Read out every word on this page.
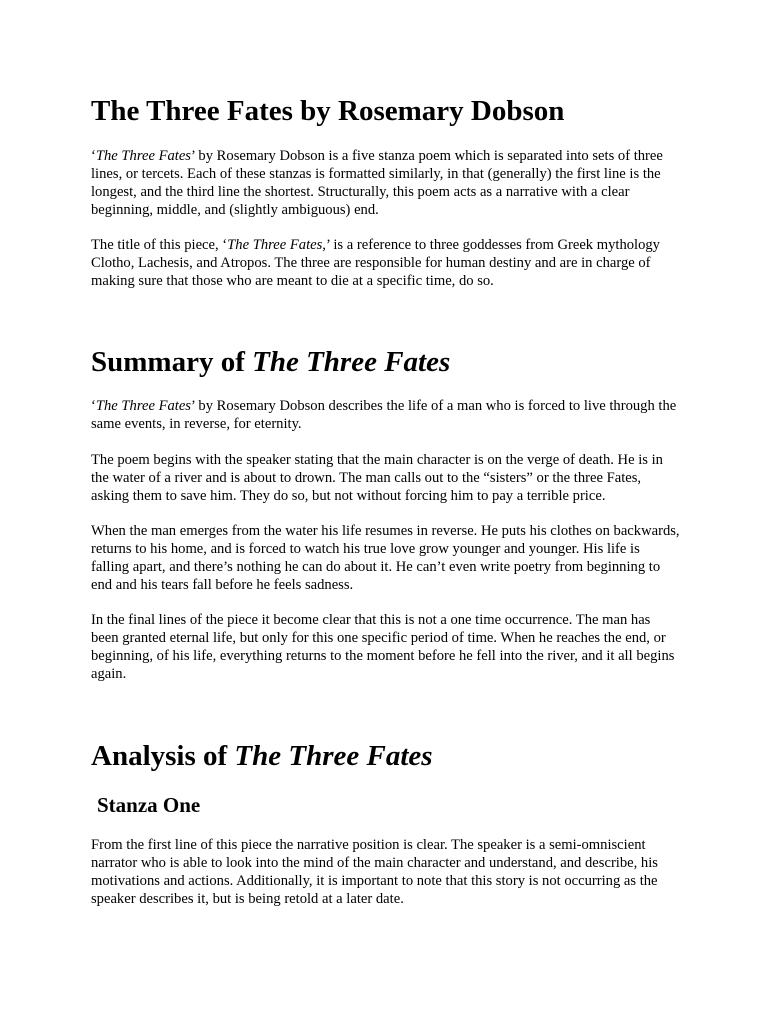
The Three Fates by Rosemary Dobson

‘The Three Fates’ by Rosemary Dobson is a five stanza poem which is separated into sets of three lines, or tercets. Each of these stanzas is formatted similarly, in that (generally) the first line is the longest, and the third line the shortest. Structurally, this poem acts as a narrative with a clear beginning, middle, and (slightly ambiguous) end.

The title of this piece, ‘The Three Fates,’ is a reference to three goddesses from Greek mythology Clotho, Lachesis, and Atropos. The three are responsible for human destiny and are in charge of making sure that those who are meant to die at a specific time, do so.

Summary of The Three Fates

‘The Three Fates’ by Rosemary Dobson describes the life of a man who is forced to live through the same events, in reverse, for eternity.

The poem begins with the speaker stating that the main character is on the verge of death. He is in the water of a river and is about to drown. The man calls out to the “sisters” or the three Fates, asking them to save him. They do so, but not without forcing him to pay a terrible price.

When the man emerges from the water his life resumes in reverse. He puts his clothes on backwards, returns to his home, and is forced to watch his true love grow younger and younger. His life is falling apart, and there’s nothing he can do about it. He can’t even write poetry from beginning to end and his tears fall before he feels sadness.

In the final lines of the piece it become clear that this is not a one time occurrence. The man has been granted eternal life, but only for this one specific period of time. When he reaches the end, or beginning, of his life, everything returns to the moment before he fell into the river, and it all begins again.

Analysis of The Three Fates
Stanza One

From the first line of this piece the narrative position is clear. The speaker is a semi-omniscient narrator who is able to look into the mind of the main character and understand, and describe, his motivations and actions. Additionally, it is important to note that this story is not occurring as the speaker describes it, but is being retold at a later date.
